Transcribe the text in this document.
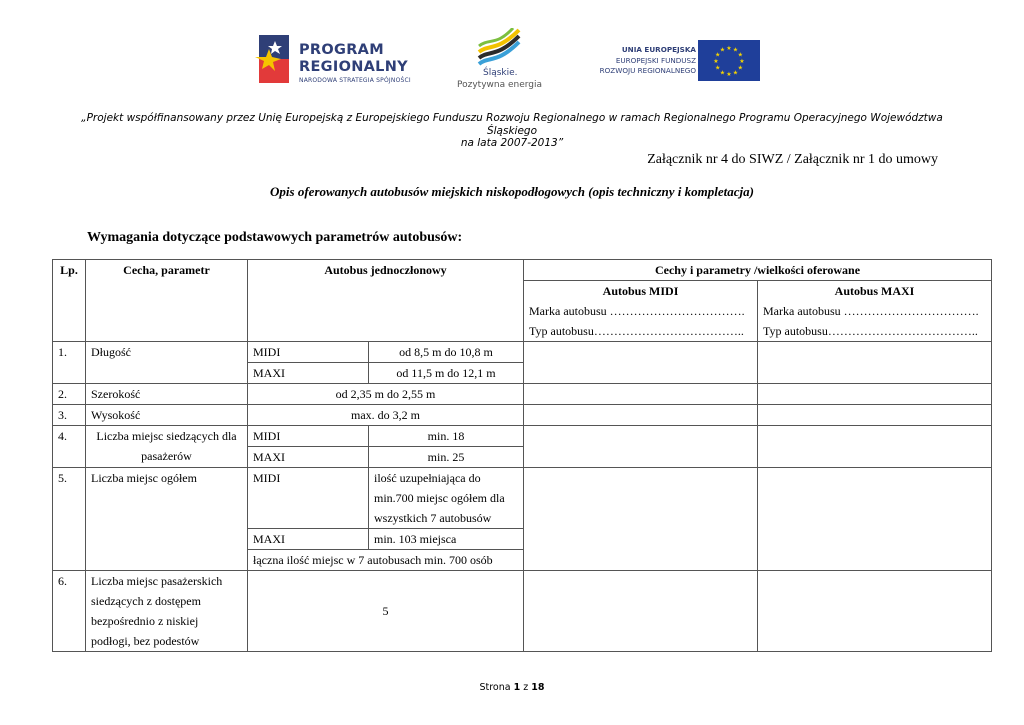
PROGRAM
REGIONALNY
NARODOWA STRATEGIA SPÓJNOŚCI
Śląskie.
Pozytywna energia
UNIA EUROPEJSKA
EUROPEJSKI FUNDUSZ
ROZWOJU REGIONALNEGO
★ ★
★
★
★
★
★
★
★
★
★
★
„Projekt współfinansowany przez Unię Europejską z Europejskiego Funduszu Rozwoju Regionalnego w ramach Regionalnego Programu Operacyjnego Województwa Śląskiego
na lata 2007-2013”
Załącznik nr 4 do SIWZ / Załącznik nr 1 do umowy
Opis oferowanych autobusów miejskich niskopodłogowych (opis techniczny i kompletacja)
Wymagania dotyczące podstawowych parametrów autobusów:
Lp.	Cecha, parametr	Autobus jednoczłonowy		Cechy i parametry /wielkości oferowane	
				Autobus MIDI	Autobus MAXI
				Marka autobusu …………………………….	Marka autobusu …………………………….
				Typ autobusu………………………………..	Typ autobusu………………………………..
1.	Długość	MIDI	od 8,5 m do 10,8 m		
		MAXI	od 11,5 m do 12,1 m		
2.	Szerokość	od 2,35 m do 2,55 m			
3.	Wysokość	max. do 3,2 m			
4.	Liczba miejsc siedzących dla
pasażerów	MIDI	min. 18		
		MAXI	min. 25		
5.	Liczba miejsc ogółem	MIDI	ilość uzupełniająca do
min.700 miejsc ogółem dla
wszystkich 7 autobusów		

		MAXI	min. 103 miejsca		
		łączna ilość miejsc w 7 autobusach min. 700 osób			
6.	Liczba miejsc pasażerskich
siedzących z dostępem
bezpośrednio z niskiej
podłogi, bez podestów	5			
Strona 1 z 18
